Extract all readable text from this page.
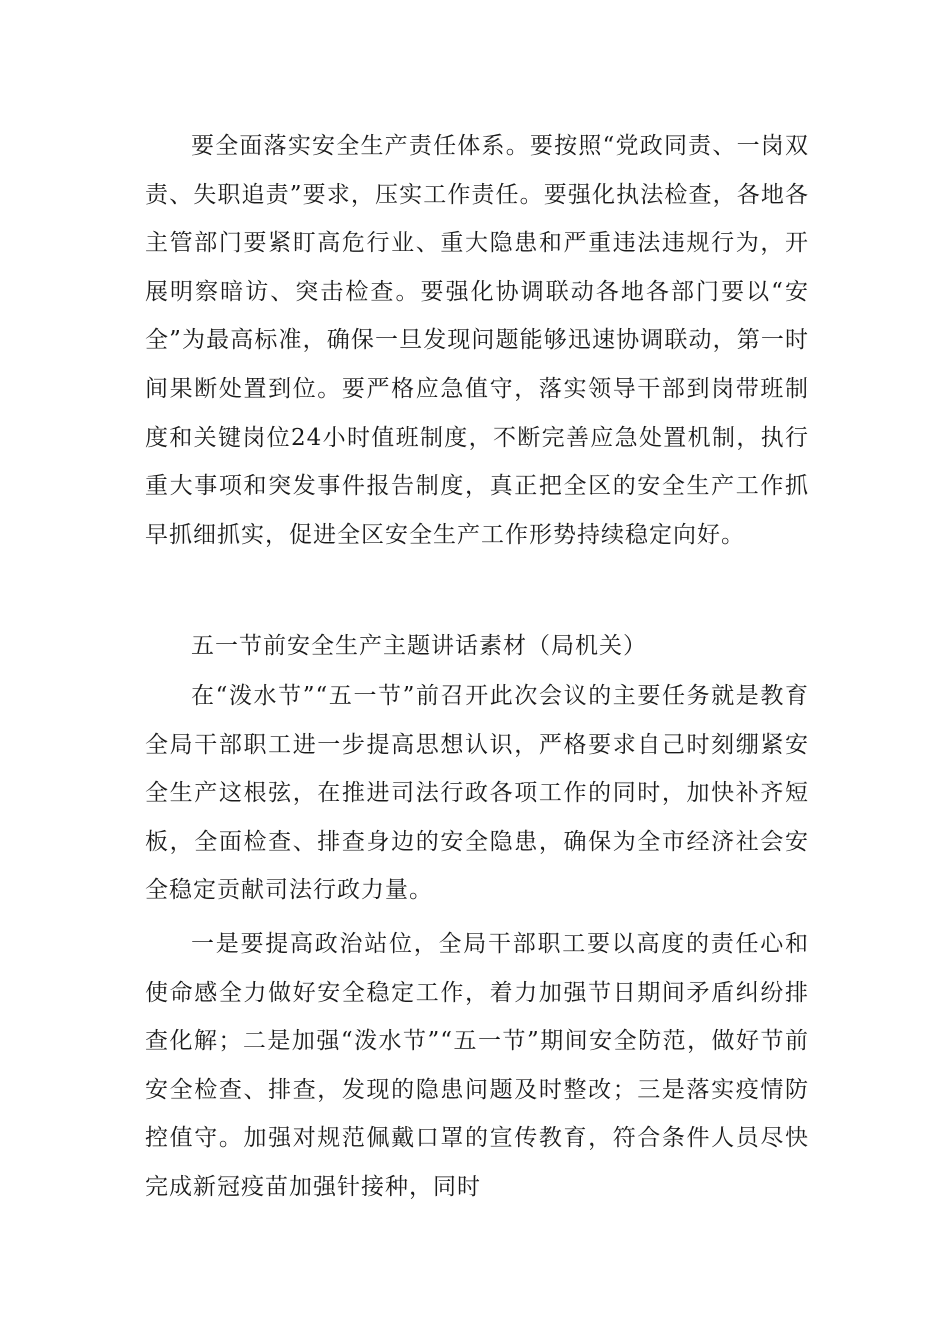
要全面落实安全生产责任体系。要按照“党政同责、一岗双责、失职追责”要求，压实工作责任。要强化执法检查，各地各主管部门要紧盯高危行业、重大隐患和严重违法违规行为，开展明察暗访、突击检查。要强化协调联动各地各部门要以“安全”为最高标准，确保一旦发现问题能够迅速协调联动，第一时间果断处置到位。要严格应急值守，落实领导干部到岗带班制度和关键岗位24小时值班制度，不断完善应急处置机制，执行重大事项和突发事件报告制度，真正把全区的安全生产工作抓早抓细抓实，促进全区安全生产工作形势持续稳定向好。

五一节前安全生产主题讲话素材（局机关）

在“泼水节”“五一节”前召开此次会议的主要任务就是教育全局干部职工进一步提高思想认识，严格要求自己时刻绷紧安全生产这根弦，在推进司法行政各项工作的同时，加快补齐短板，全面检查、排查身边的安全隐患，确保为全市经济社会安全稳定贡献司法行政力量。

一是要提高政治站位，全局干部职工要以高度的责任心和使命感全力做好安全稳定工作，着力加强节日期间矛盾纠纷排查化解；二是加强“泼水节”“五一节”期间安全防范，做好节前安全检查、排查，发现的隐患问题及时整改；三是落实疫情防控值守。加强对规范佩戴口罩的宣传教育，符合条件人员尽快完成新冠疫苗加强针接种，同时
